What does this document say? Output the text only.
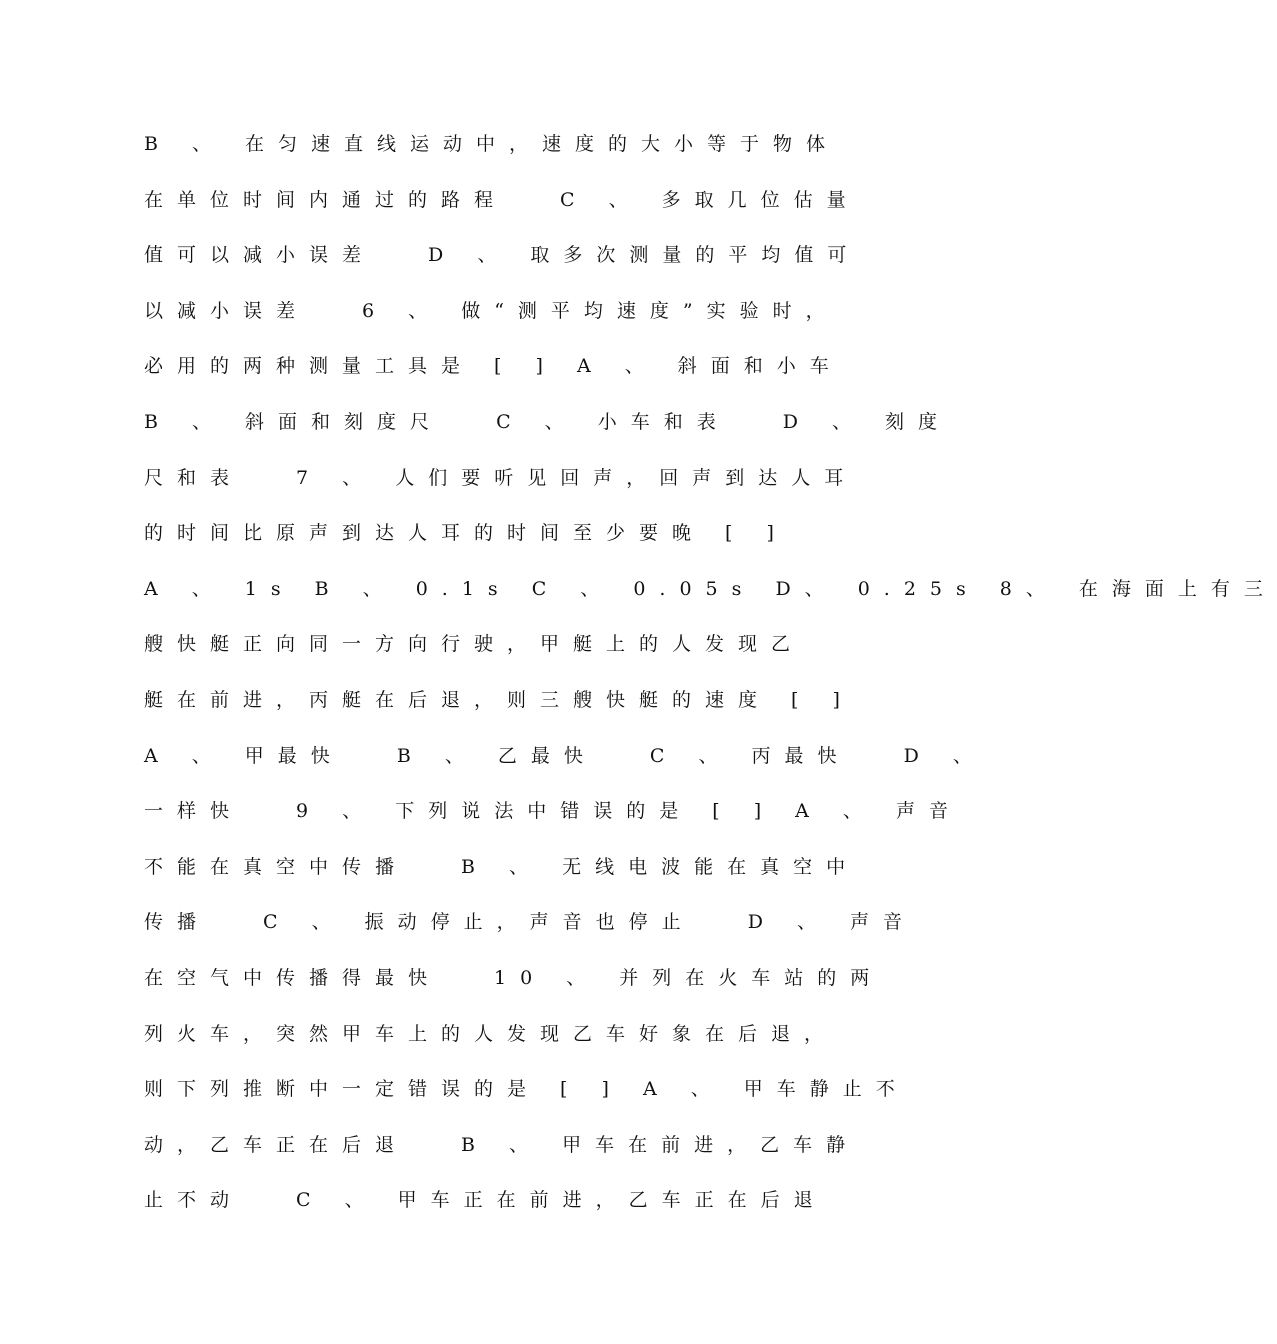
B 、 在匀速直线运动中，速度的大小等于物体
在单位时间内通过的路程　 C 、 多取几位估量
值可以减小误差　 D 、 取多次测量的平均值可
以减小误差　 6 、 做“测平均速度”实验时，
必用的两种测量工具是 [ ] A 、 斜面和小车
B 、 斜面和刻度尺　 C 、 小车和表　 D 、 刻度
尺和表　 7 、 人们要听见回声，回声到达人耳
的时间比原声到达人耳的时间至少要晚 [ ]
A 、 1s B 、 0.1s C 、 0.05s D、 0.25s 8、 在海面上有三
艘快艇正向同一方向行驶，甲艇上的人发现乙
艇在前进，丙艇在后退，则三艘快艇的速度 [ ]
A 、 甲最快　 B 、 乙最快　 C 、 丙最快　 D 、
一样快　 9 、 下列说法中错误的是 [ ] A 、 声音
不能在真空中传播　 B 、 无线电波能在真空中
传播　 C 、 振动停止，声音也停止　 D 、 声音
在空气中传播得最快　 10 、 并列在火车站的两
列火车，突然甲车上的人发现乙车好象在后退，
则下列推断中一定错误的是 [ ] A 、 甲车静止不
动，乙车正在后退　 B 、 甲车在前进，乙车静
止不动　 C 、 甲车正在前进，乙车正在后退
